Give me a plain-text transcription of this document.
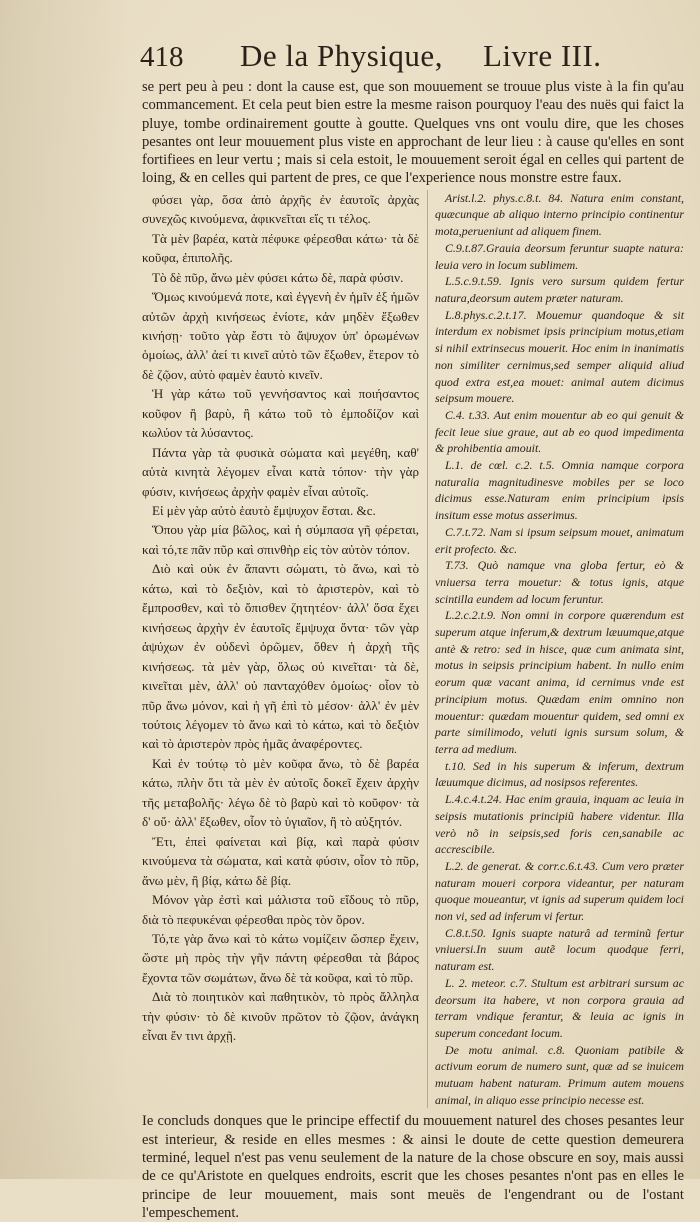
418	De la Physique, Livre III.

se pert peu à peu : dont la cause est, que son mouuement se trouue plus viste à la fin qu'au commancement. Et cela peut bien estre la mesme raison pourquoy l'eau des nuës qui faict la pluye, tombe ordinairement goutte à goutte. Quelques vns ont voulu dire, que les choses pesantes ont leur mouuement plus viste en approchant de leur lieu : à cause qu'elles en sont fortifiees en leur vertu ; mais si cela estoit, le mouuement seroit égal en celles qui partent de loing, & en celles qui partent de pres, ce que l'experience nous monstre estre faux.

φύσει γὰρ, ὅσα ἀπὸ ἀρχῆς ἐν ἑαυτοῖς ἀρχὰς συνεχῶς κινούμενα, ἀφικνεῖται εἴς τι τέλος.

Τὰ μὲν βαρέα, κατὰ πέφυκε φέρεσθαι κάτω· τὰ δὲ κοῦφα, ἐπιπολῆς.

Τὸ δὲ πῦρ, ἄνω μὲν φύσει κάτω δὲ, παρὰ φύσιν.

Ὅμως κινούμενά ποτε, καὶ ἐγγενὴ ἐν ἡμῖν ἐξ ἡμῶν αὐτῶν ἀρχὴ κινήσεως ἐνίοτε, κἀν μηδὲν ἔξωθεν κινήσῃ· τοῦτο γὰρ ἔστι τὸ ἄψυχον ὑπ' ὀρωμένων ὁμοίως, ἀλλ' ἀεί τι κινεῖ αὐτὸ τῶν ἔξωθεν, ἕτερον τὸ δὲ ζῷον, αὐτὸ φαμὲν ἑαυτὸ κινεῖν.

Ἡ γὰρ κάτω τοῦ γεννήσαντος καὶ ποιήσαντος κοῦφον ἢ βαρὺ, ἢ κάτω τοῦ τὸ ἐμποδίζον καὶ κωλύον τὰ λύσαντος.

Πάντα γὰρ τὰ φυσικὰ σώματα καὶ μεγέθη, καθ' αὑτὰ κινητὰ λέγομεν εἶναι κατὰ τόπον· τὴν γὰρ φύσιν, κινήσεως ἀρχὴν φαμὲν εἶναι αὐτοῖς.

Εἰ μὲν γὰρ αὐτὸ ἑαυτὸ ἔμψυχον ἔσται. &c.

Ὅπου γὰρ μία βῶλος, καὶ ἡ σύμπασα γῆ φέρεται, καὶ τό,τε πᾶν πῦρ καὶ σπινθὴρ εἰς τὸν αὐτὸν τόπον.

Διὸ καὶ οὐκ ἐν ἅπαντι σώματι, τὸ ἄνω, καὶ τὸ κάτω, καὶ τὸ δεξιὸν, καὶ τὸ ἀριστερὸν, καὶ τὸ ἔμπροσθεν, καὶ τὸ ὄπισθεν ζητητέον· ἀλλ' ὅσα ἔχει κινήσεως ἀρχὴν ἐν ἑαυτοῖς ἔμψυχα ὄντα· τῶν γὰρ ἀψύχων ἐν οὐδενὶ ὁρῶμεν, ὅθεν ἡ ἀρχὴ τῆς κινήσεως. τὰ μὲν γὰρ, ὅλως οὐ κινεῖται· τὰ δὲ, κινεῖται μὲν, ἀλλ' οὐ πανταχόθεν ὁμοίως· οἷον τὸ πῦρ ἄνω μόνον, καὶ ἡ γῆ ἐπὶ τὸ μέσον· ἀλλ' ἐν μὲν τούτοις λέγομεν τὸ ἄνω καὶ τὸ κάτω, καὶ τὸ δεξιὸν καὶ τὸ ἀριστερὸν πρὸς ἡμᾶς ἀναφέροντες.

Καὶ ἐν τούτῳ τὸ μὲν κοῦφα ἄνω, τὸ δὲ βαρέα κάτω, πλὴν ὅτι τὰ μὲν ἐν αὐτοῖς δοκεῖ ἔχειν ἀρχὴν τῆς μεταβολῆς· λέγω δὲ τὸ βαρὺ καὶ τὸ κοῦφον· τὰ δ' οὔ· ἀλλ' ἔξωθεν, οἷον τὸ ὑγιαῖον, ἢ τὸ αὐξητόν.

Ἔτι, ἐπεὶ φαίνεται καὶ βίᾳ, καὶ παρὰ φύσιν κινούμενα τὰ σώματα, καὶ κατὰ φύσιν, οἷον τὸ πῦρ, ἄνω μὲν, ἢ βίᾳ, κάτω δὲ βίᾳ.

Μόνον γὰρ ἐστὶ καὶ μάλιστα τοῦ εἴδους τὸ πῦρ, διὰ τὸ πεφυκέναι φέρεσθαι πρὸς τὸν ὅρον.

Τό,τε γὰρ ἄνω καὶ τὸ κάτω νομίζειν ὥσπερ ἔχειν, ὥστε μὴ πρὸς τὴν γῆν πάντη φέρεσθαι τὰ βάρος ἔχοντα τῶν σωμάτων, ἄνω δὲ τὰ κοῦφα, καὶ τὸ πῦρ.

Διὰ τὸ ποιητικὸν καὶ παθητικὸν, τὸ πρὸς ἄλληλα τὴν φύσιν· τὸ δὲ κινοῦν πρῶτον τὸ ζῷον, ἀνάγκη εἶναι ἔν τινι ἀρχῇ.

Arist.l.2. phys.c.8.t. 84. Natura enim constant, quæcunque ab aliquo interno principio continentur mota,perueniunt ad aliquem finem.

C.9.t.87.Grauia deorsum feruntur suapte natura: leuia vero in locum sublimem.

L.5.c.9.t.59. Ignis vero sursum quidem fertur natura,deorsum autem præter naturam.

L.8.phys.c.2.t.17. Mouemur quandoque & sit interdum ex nobismet ipsis principium motus,etiam si nihil extrinsecus mouerit. Hoc enim in inanimatis non similiter cernimus,sed semper aliquid aliud quod extra est,ea mouet: animal autem dicimus seipsum mouere.

C.4. t.33. Aut enim mouentur ab eo qui genuit & fecit leue siue graue, aut ab eo quod impedimenta & prohibentia amouit.

L.1. de cœl. c.2. t.5. Omnia namque corpora naturalia magnitudinesve mobiles per se loco dicimus esse.Naturam enim principium ipsis insitum esse motus asserimus.

C.7.t.72. Nam si ipsum seipsum mouet, animatum erit profecto. &c.

T.73. Quò namque vna globa fertur, eò & vniuersa terra mouetur: & totus ignis, atque scintilla eundem ad locum feruntur.

L.2.c.2.t.9. Non omni in corpore quærendum est superum atque inferum,& dextrum læuumque,atque antè & retro: sed in hisce, quæ cum animata sint, motus in seipsis principium habent. In nullo enim eorum quæ vacant anima, id cernimus vnde est principium motus. Quædam enim omnino non mouentur: quædam mouentur quidem, sed omni ex parte similimodo, veluti ignis sursum solum, & terra ad medium.

t.10. Sed in his superum & inferum, dextrum læuumque dicimus, ad nosipsos referentes.

L.4.c.4.t.24. Hac enim grauia, inquam ac leuia in seipsis mutationis principiũ habere videntur. Illa verò nõ in seipsis,sed foris cen,sanabile ac accrescibile.

L.2. de generat. & corr.c.6.t.43. Cum vero præter naturam moueri corpora videantur, per naturam quoque moueantur, vt ignis ad superum quidem loci non vi, sed ad inferum vi fertur.

C.8.t.50. Ignis suapte naturâ ad terminũ fertur vniuersi.In suum autẽ locum quodque ferri, naturam est.

L. 2. meteor. c.7. Stultum est arbitrari sursum ac deorsum ita habere, vt non corpora grauia ad terram vndique ferantur, & leuia ac ignis in superum concedant locum.

De motu animal. c.8. Quoniam patibile & activum eorum de numero sunt, quæ ad se inuicem mutuam habent naturam. Primum autem mouens animal, in aliquo esse principio necesse est.

Ie concluds donques que le principe effectif du mouuement naturel des choses pesantes leur est interieur, & reside en elles mesmes : & ainsi le doute de cette question demeurera terminé, lequel n'est pas venu seulement de la nature de la chose obscure en soy, mais aussi de ce qu'Aristote en quelques endroits, escrit que les choses pesantes n'ont pas en elles le principe de leur mouuement, mais sont meuës de l'engendrant ou de l'ostant l'empeschement.
